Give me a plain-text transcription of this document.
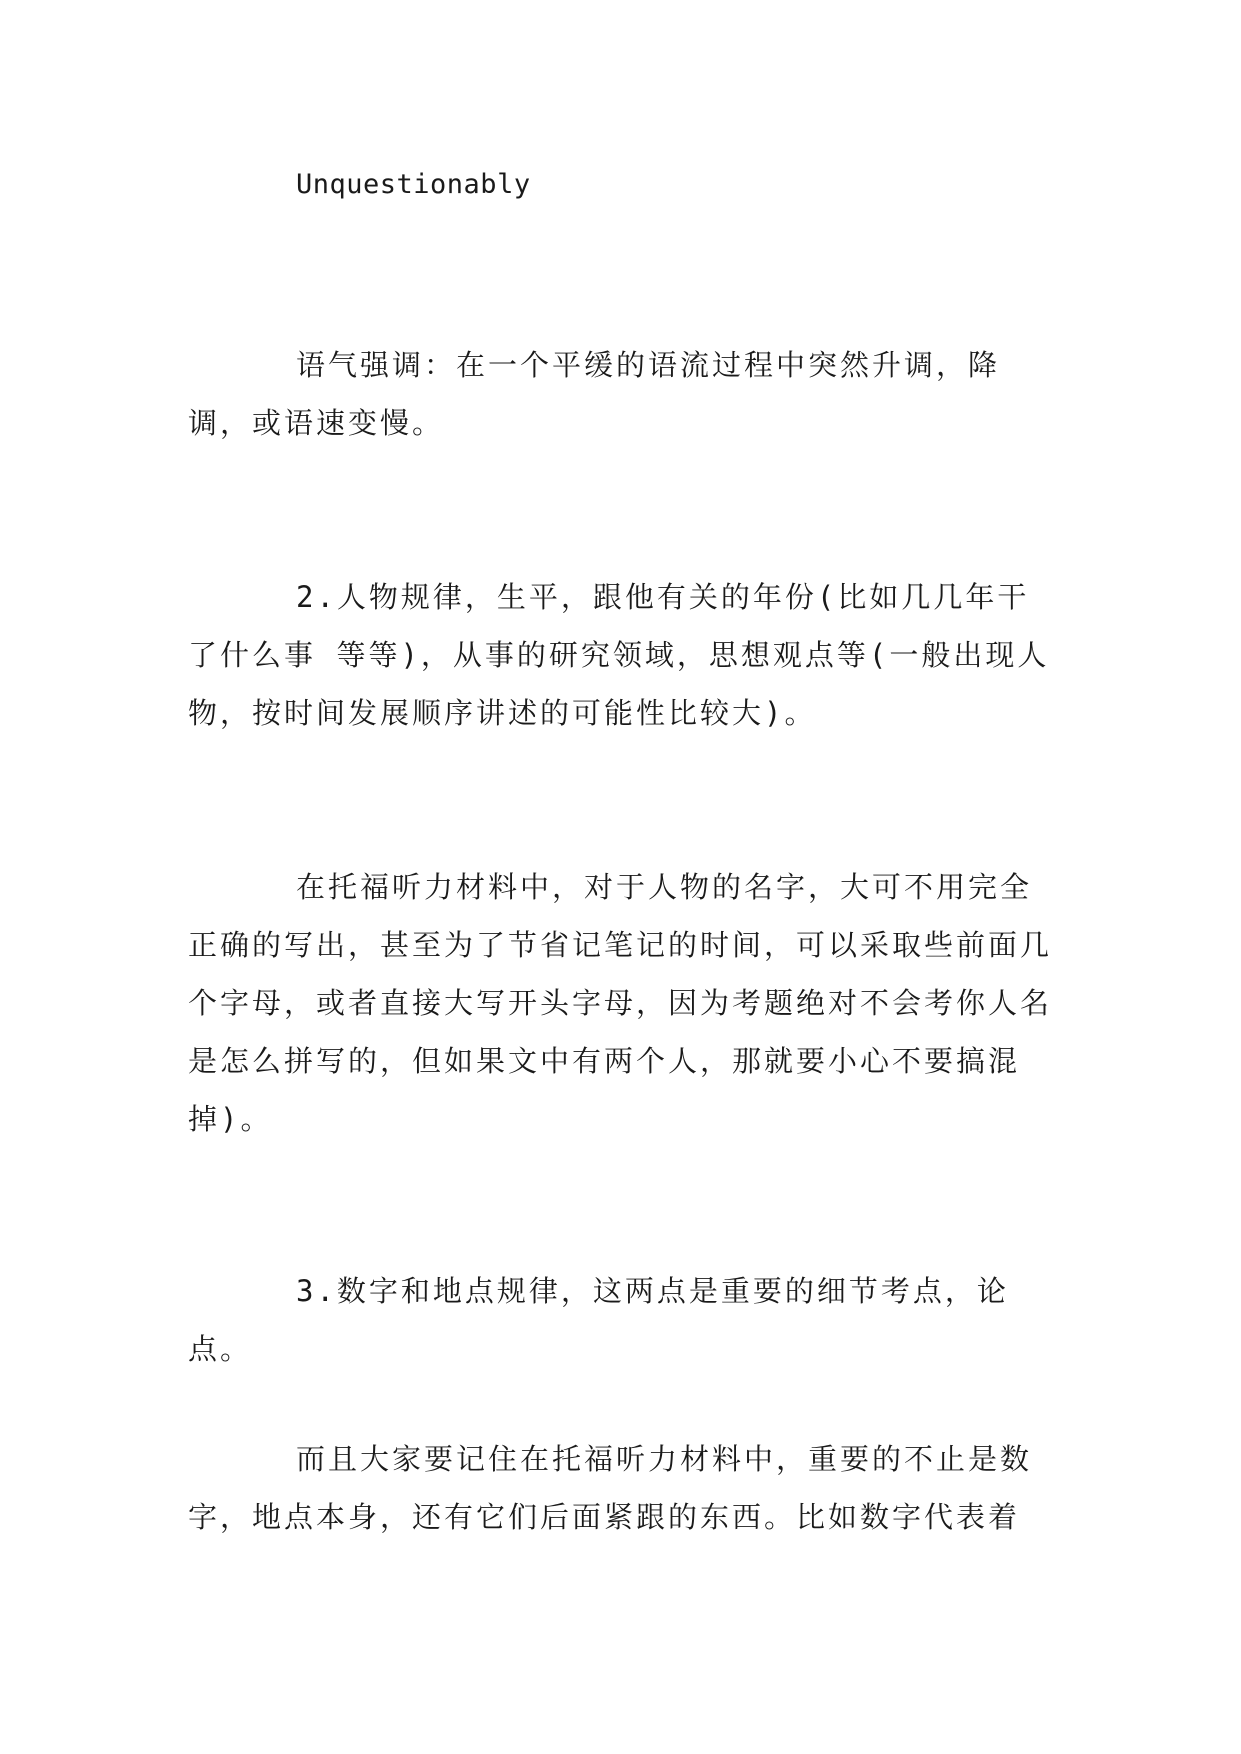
Unquestionably

语气强调：在一个平缓的语流过程中突然升调，降调，或语速变慢。

2.人物规律，生平，跟他有关的年份(比如几几年干了什么事 等等)，从事的研究领域，思想观点等(一般出现人物，按时间发展顺序讲述的可能性比较大)。

在托福听力材料中，对于人物的名字，大可不用完全正确的写出，甚至为了节省记笔记的时间，可以采取些前面几个字母，或者直接大写开头字母，因为考题绝对不会考你人名是怎么拼写的，但如果文中有两个人，那就要小心不要搞混掉)。

3.数字和地点规律，这两点是重要的细节考点，论点。

而且大家要记住在托福听力材料中，重要的不止是数字，地点本身，还有它们后面紧跟的东西。比如数字代表着
